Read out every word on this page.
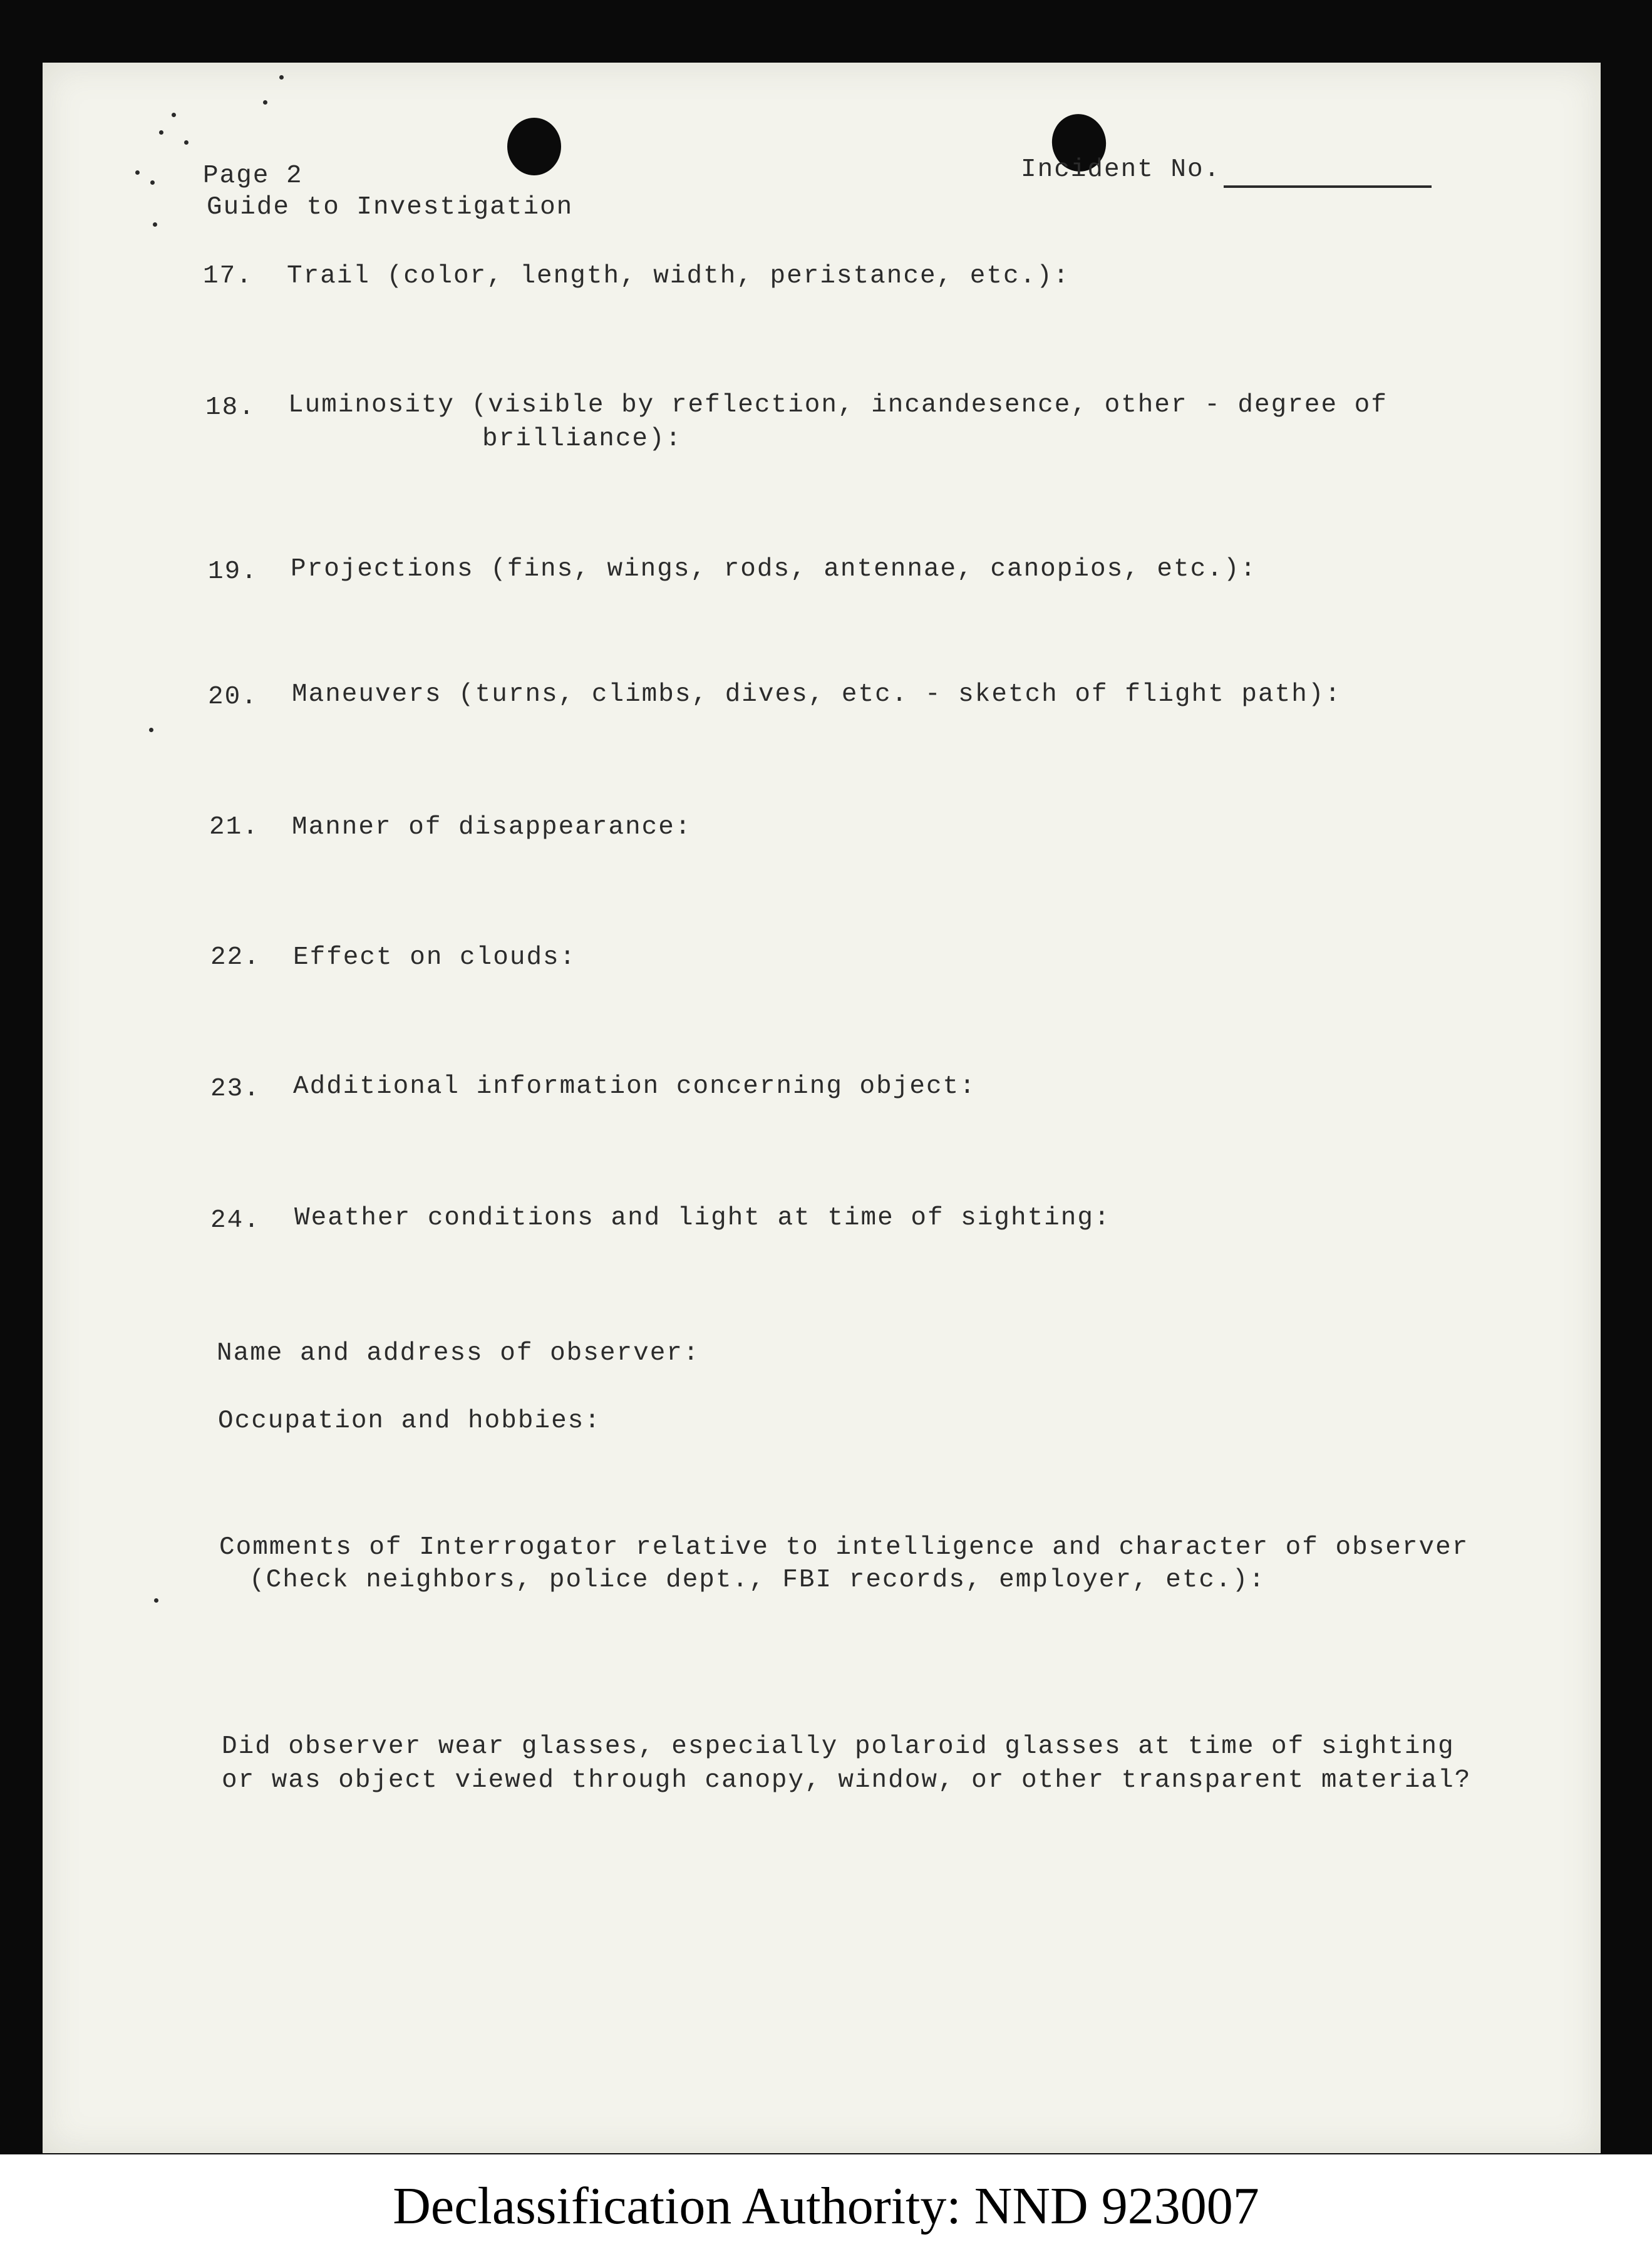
Page 2
Guide to Investigation
Incident No.
17. Trail (color, length, width, peristance, etc.):
18. Luminosity (visible by reflection, incandesence, other - degree of
brilliance):
19. Projections (fins, wings, rods, antennae, canopios, etc.):
20. Maneuvers (turns, climbs, dives, etc. - sketch of flight path):
21. Manner of disappearance:
22. Effect on clouds:
23. Additional information concerning object:
24. Weather conditions and light at time of sighting:
Name and address of observer:
Occupation and hobbies:
Comments of Interrogator relative to intelligence and character of observer
(Check neighbors, police dept., FBI records, employer, etc.):
Did observer wear glasses, especially polaroid glasses at time of sighting
or was object viewed through canopy, window, or other transparent material?
Declassification Authority: NND 923007
